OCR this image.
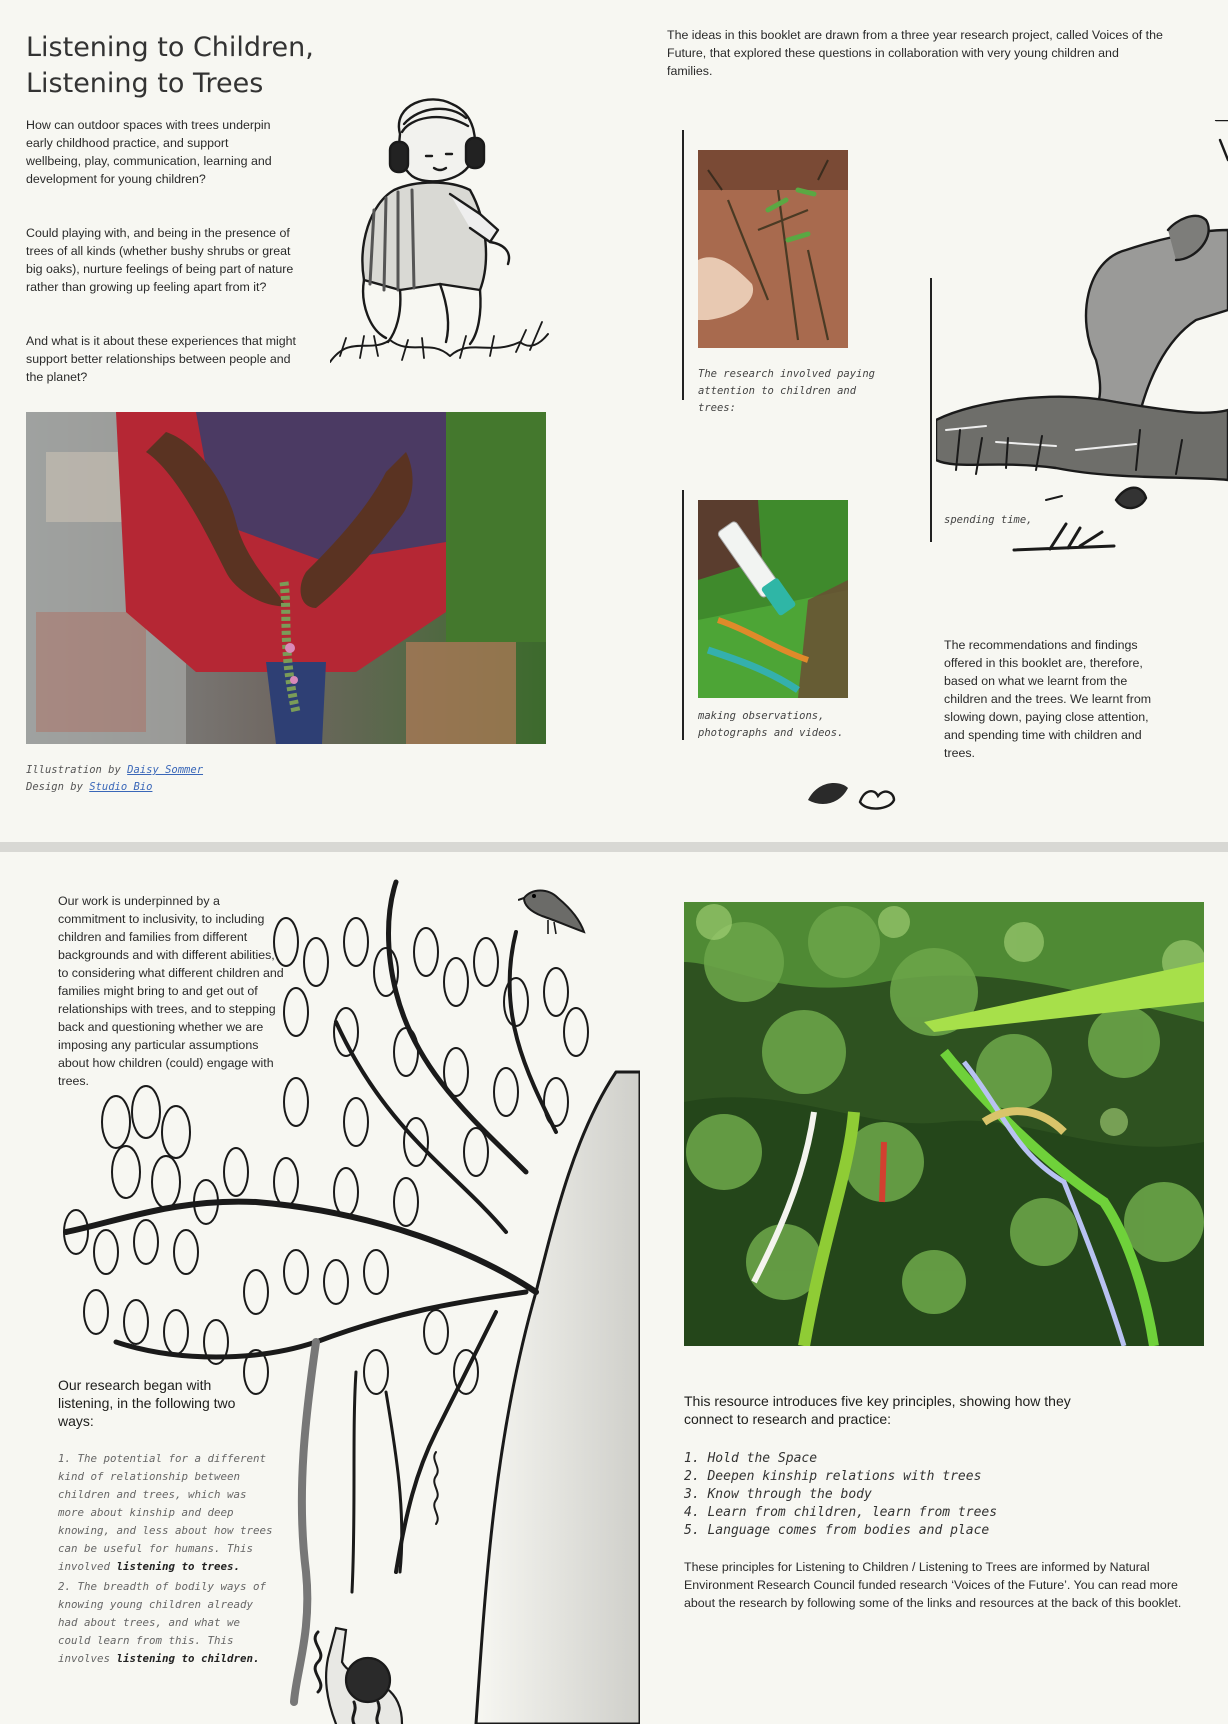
Listening to Children,
Listening to Trees

How can outdoor spaces with trees underpin early childhood practice, and support wellbeing, play, communication, learning and development for young children?

Could playing with, and being in the presence of trees of all kinds (whether bushy shrubs or great big oaks), nurture feelings of being part of nature rather than growing up feeling apart from it?

And what is it about these experiences that might support better relationships between people and the planet?

Illustration by Daisy Sommer
Design by Studio Bio

The ideas in this booklet are drawn from a three year research project, called Voices of the Future, that explored these questions in collaboration with very young children and families.

The research involved paying attention to children and trees:
making observations, photographs and videos.
spending time,

The recommendations and findings offered in this booklet are, therefore, based on what we learnt from the children and the trees. We learnt from slowing down, paying close attention, and spending time with children and trees.

Our work is underpinned by a commitment to inclusivity, to including children and families from different backgrounds and with different abilities, to considering what different children and families might bring to and get out of relationships with trees, and to stepping back and questioning whether we are imposing any particular assumptions about how children (could) engage with trees.

Our research began with listening, in the following two ways:

1. The potential for a different kind of relationship between children and trees, which was more about kinship and deep knowing, and less about how trees can be useful for humans. This involved listening to trees.

2. The breadth of bodily ways of knowing young children already had about trees, and what we could learn from this. This involves listening to children.

This resource introduces five key principles, showing how they connect to research and practice:

1. Hold the Space
2. Deepen kinship relations with trees
3. Know through the body
4. Learn from children, learn from trees
5. Language comes from bodies and place

These principles for Listening to Children / Listening to Trees are informed by Natural Environment Research Council funded research ‘Voices of the Future’. You can read more about the research by following some of the links and resources at the back of this booklet.
